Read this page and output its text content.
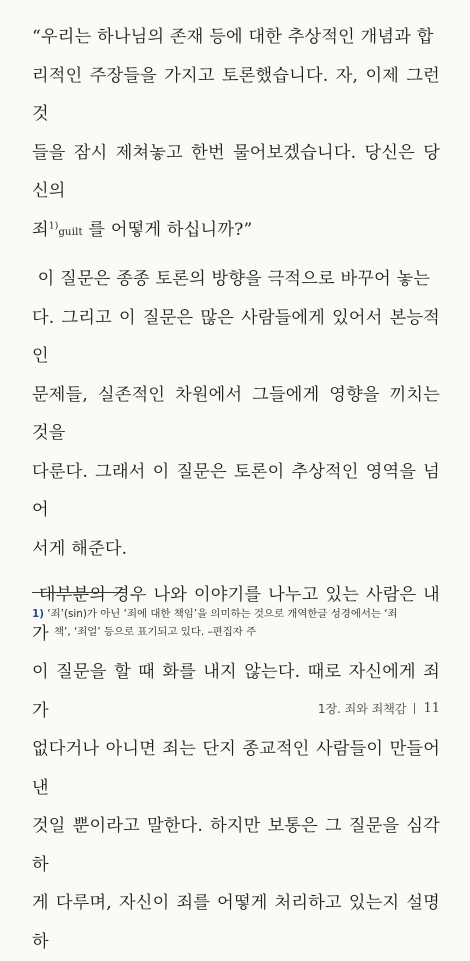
“우리는 하나님의 존재 등에 대한 추상적인 개념과 합
리적인 주장들을 가지고 토론했습니다. 자, 이제 그런 것
들을 잠시 제쳐놓고 한번 물어보겠습니다. 당신은 당신의
죄$^{1)}$guilt 를 어떻게 하십니까?”

이 질문은 종종 토론의 방향을 극적으로 바꾸어 놓는
다. 그리고 이 질문은 많은 사람들에게 있어서 본능적인
문제들, 실존적인 차원에서 그들에게 영향을 끼치는 것을
다룬다. 그래서 이 질문은 토론이 추상적인 영역을 넘어
서게 해준다.

대부분의 경우 나와 이야기를 나누고 있는 사람은 내가
이 질문을 할 때 화를 내지 않는다. 때로 자신에게 죄가
없다거나 아니면 죄는 단지 종교적인 사람들이 만들어낸
것일 뿐이라고 말한다. 하지만 보통은 그 질문을 심각하
게 다루며, 자신이 죄를 어떻게 처리하고 있는지 설명하

1) ‘죄’(sin)가 아닌 ‘죄에 대한 책임’을 의미하는 것으로 개역한글 성경에서는 ‘죄
책’, ‘죄얼’ 등으로 표기되고 있다. –편집자 주
1장. 죄와 죄책감 11
